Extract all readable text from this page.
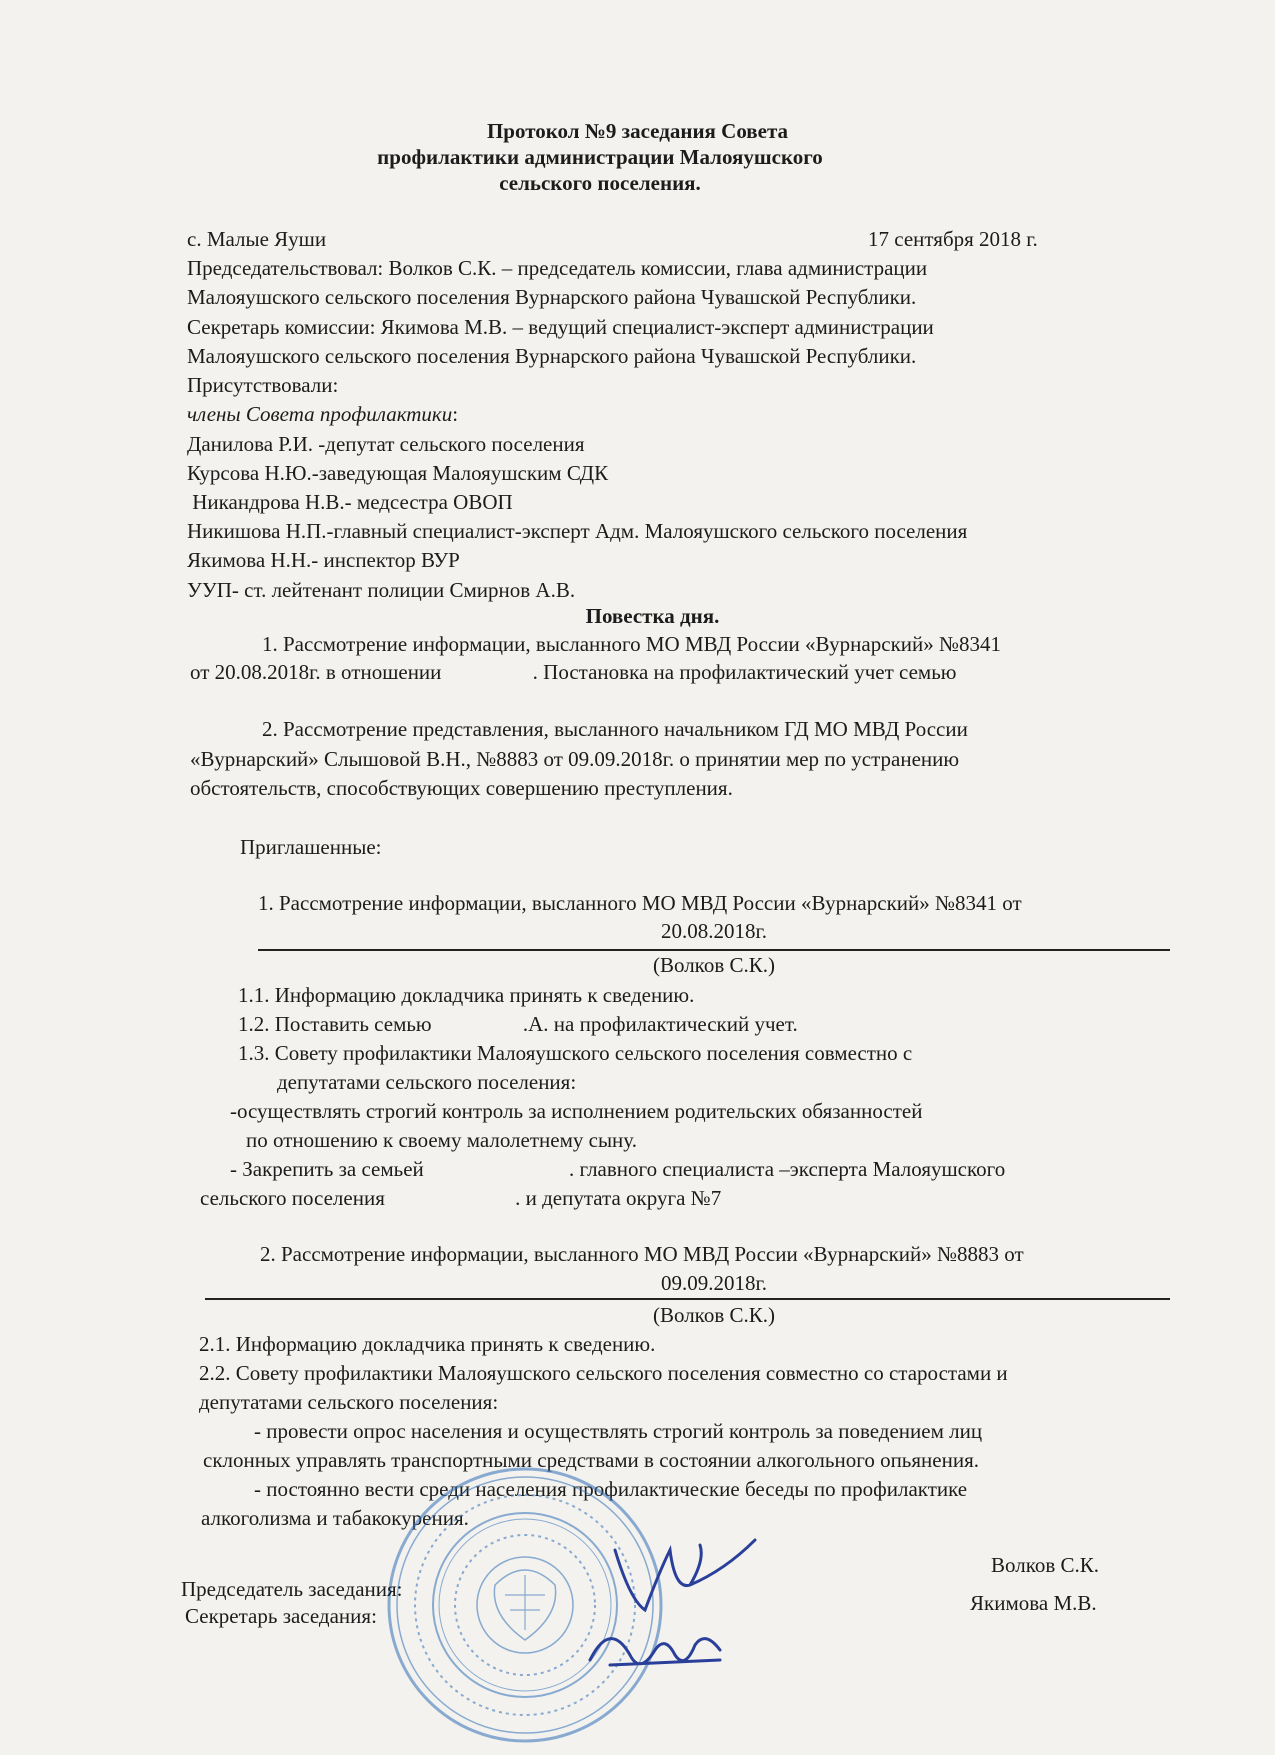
Протокол №9 заседания Совета
профилактики администрации Малояушского
сельского поселения.
с. Малые Яуши	17 сентября 2018 г.
Председательствовал: Волков С.К. – председатель комиссии, глава администрации
Малояушского сельского поселения Вурнарского района Чувашской Республики.
Секретарь комиссии: Якимова М.В. – ведущий специалист-эксперт администрации
Малояушского сельского поселения Вурнарского района Чувашской Республики.
Присутствовали:
члены Совета профилактики:
Данилова Р.И. -депутат сельского поселения
Курсова Н.Ю.-заведующая Малояушским СДК
Никандрова Н.В.- медсестра ОВОП
Никишова Н.П.-главный специалист-эксперт Адм. Малояушского сельского поселения
Якимова Н.Н.- инспектор ВУР
УУП- ст. лейтенант полиции Смирнов А.В.
Повестка дня.
1. Рассмотрение информации, высланного МО МВД России «Вурнарский» №8341
от 20.08.2018г. в отношении	. Постановка на профилактический учет семью
2. Рассмотрение представления, высланного начальником ГД МО МВД России
«Вурнарский» Слышовой В.Н., №8883 от 09.09.2018г. о принятии мер по устранению
обстоятельств, способствующих совершению преступления.
Приглашенные:
1. Рассмотрение информации, высланного МО МВД России «Вурнарский» №8341 от
20.08.2018г.
(Волков С.К.)
1.1. Информацию докладчика принять к сведению.
1.2. Поставить семью	.А. на профилактический учет.
1.3. Совету профилактики Малояушского сельского поселения совместно с
депутатами сельского поселения:
-осуществлять строгий контроль за исполнением родительских обязанностей
по отношению к своему малолетнему сыну.
- Закрепить за семьей	. главного специалиста –эксперта Малояушского
сельского поселения	. и депутата округа №7
2. Рассмотрение информации, высланного МО МВД России «Вурнарский» №8883 от
09.09.2018г.
(Волков С.К.)
2.1. Информацию докладчика принять к сведению.
2.2. Совету профилактики Малояушского сельского поселения совместно со старостами и
депутатами сельского поселения:
- провести опрос населения и осуществлять строгий контроль за поведением лиц
склонных управлять транспортными средствами в состоянии алкогольного опьянения.
- постоянно вести среди населения профилактические беседы по профилактике
алкоголизма и табакокурения.
Председатель заседания:
Волков С.К.
Секретарь заседания:
Якимова М.В.
